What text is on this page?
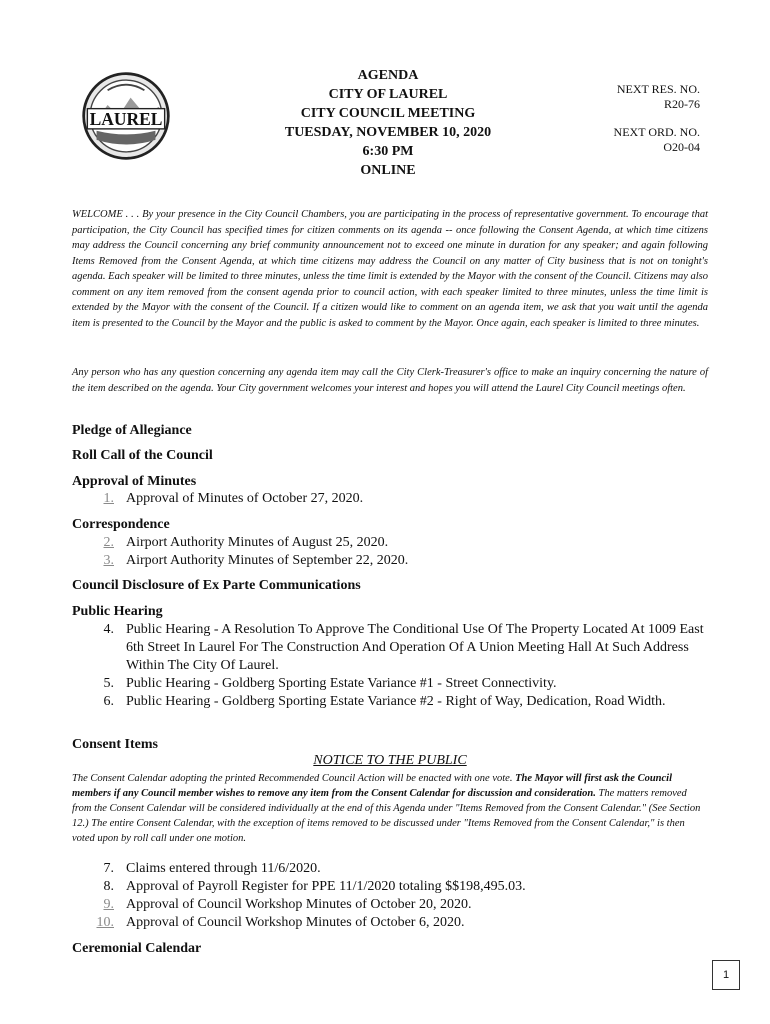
LAUREL
AGENDA
CITY OF LAUREL
CITY COUNCIL MEETING
TUESDAY, NOVEMBER 10, 2020
6:30 PM
ONLINE
NEXT RES. NO.
R20-76
NEXT ORD. NO.
O20-04

WELCOME . . . By your presence in the City Council Chambers, you are participating in the process of representative government. To encourage that participation, the City Council has specified times for citizen comments on its agenda -- once following the Consent Agenda, at which time citizens may address the Council concerning any brief community announcement not to exceed one minute in duration for any speaker; and again following Items Removed from the Consent Agenda, at which time citizens may address the Council on any matter of City business that is not on tonight's agenda. Each speaker will be limited to three minutes, unless the time limit is extended by the Mayor with the consent of the Council. Citizens may also comment on any item removed from the consent agenda prior to council action, with each speaker limited to three minutes, unless the time limit is extended by the Mayor with the consent of the Council. If a citizen would like to comment on an agenda item, we ask that you wait until the agenda item is presented to the Council by the Mayor and the public is asked to comment by the Mayor. Once again, each speaker is limited to three minutes.

Any person who has any question concerning any agenda item may call the City Clerk-Treasurer's office to make an inquiry concerning the nature of the item described on the agenda. Your City government welcomes your interest and hopes you will attend the Laurel City Council meetings often.

Pledge of Allegiance
Roll Call of the Council
Approval of Minutes
1. Approval of Minutes of October 27, 2020.
Correspondence
2. Airport Authority Minutes of August 25, 2020.
3. Airport Authority Minutes of September 22, 2020.
Council Disclosure of Ex Parte Communications
Public Hearing
4. Public Hearing - A Resolution To Approve The Conditional Use Of The Property Located At 1009 East 6th Street In Laurel For The Construction And Operation Of A Union Meeting Hall At Such Address Within The City Of Laurel.
5. Public Hearing - Goldberg Sporting Estate Variance #1 - Street Connectivity.
6. Public Hearing - Goldberg Sporting Estate Variance #2 - Right of Way, Dedication, Road Width.
Consent Items
NOTICE TO THE PUBLIC

The Consent Calendar adopting the printed Recommended Council Action will be enacted with one vote. The Mayor will first ask the Council members if any Council member wishes to remove any item from the Consent Calendar for discussion and consideration. The matters removed from the Consent Calendar will be considered individually at the end of this Agenda under "Items Removed from the Consent Calendar." (See Section 12.) The entire Consent Calendar, with the exception of items removed to be discussed under "Items Removed from the Consent Calendar," is then voted upon by roll call under one motion.

7. Claims entered through 11/6/2020.
8. Approval of Payroll Register for PPE 11/1/2020 totaling $$198,495.03.
9. Approval of Council Workshop Minutes of October 20, 2020.
10. Approval of Council Workshop Minutes of October 6, 2020.
Ceremonial Calendar
1
